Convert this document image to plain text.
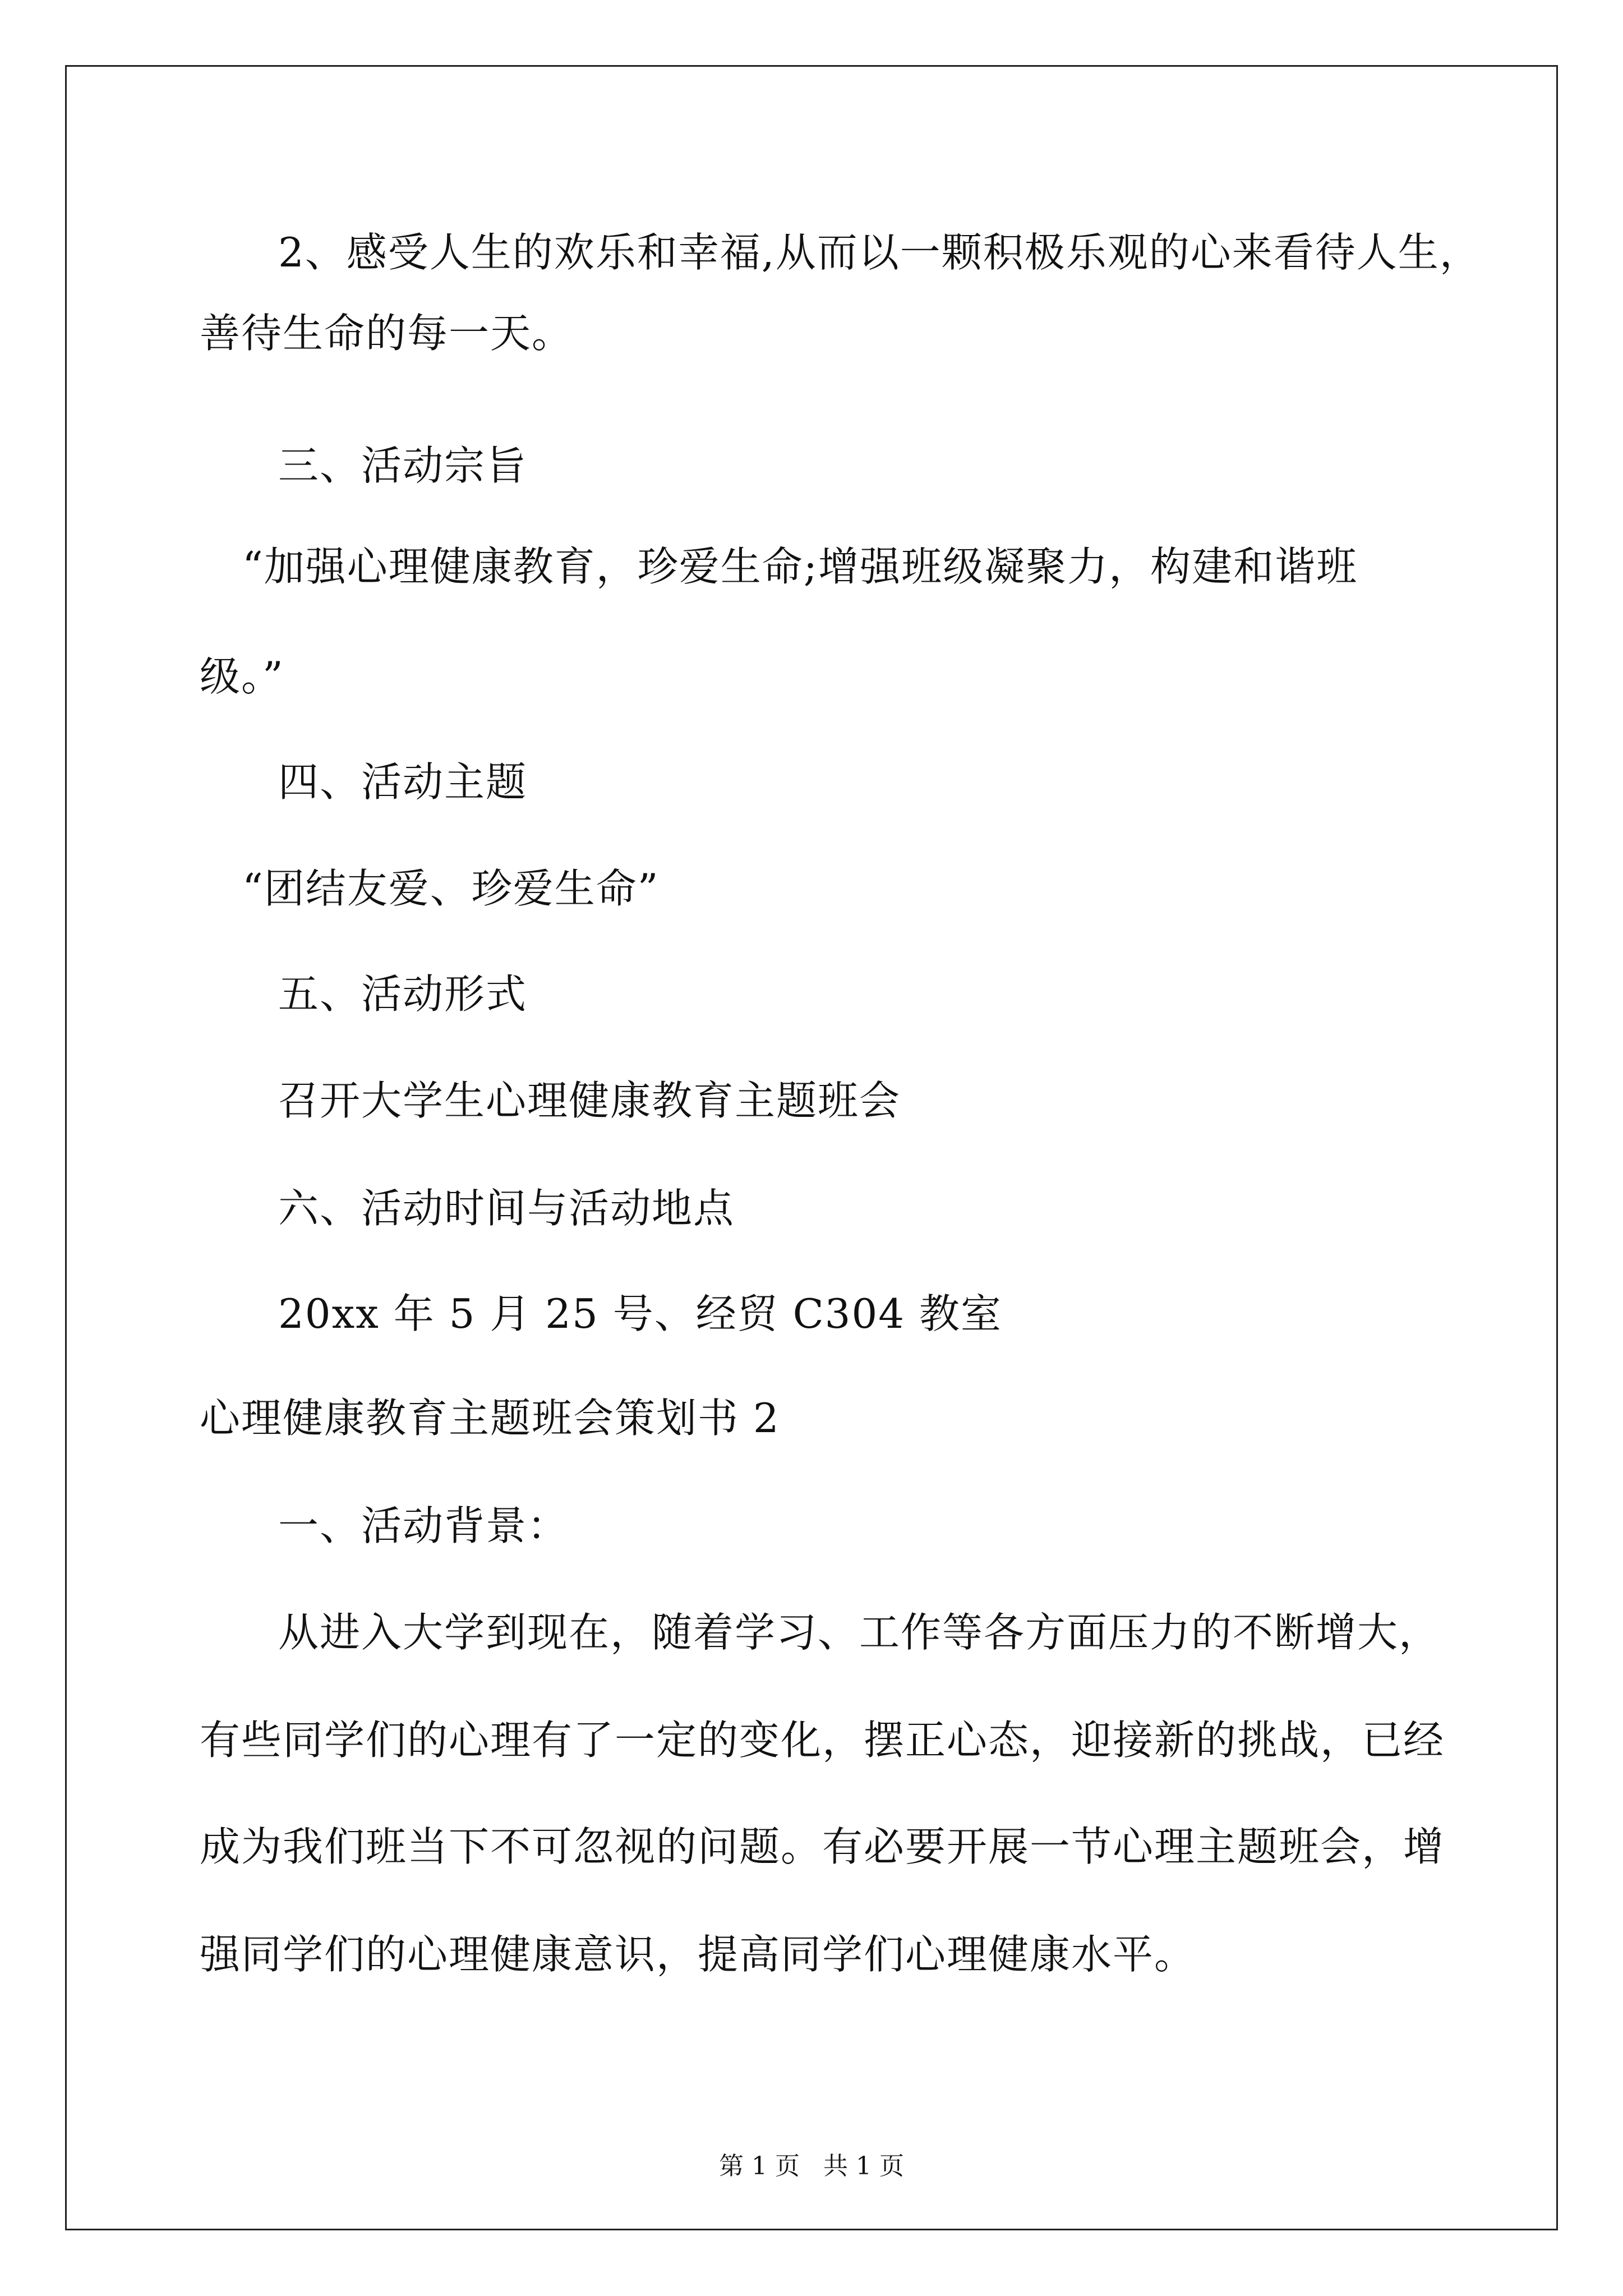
2、感受人生的欢乐和幸福,从而以一颗积极乐观的心来看待人生，
善待生命的每一天。
三、活动宗旨
“加强心理健康教育，珍爱生命;增强班级凝聚力，构建和谐班
级。”
四、活动主题
“团结友爱、珍爱生命”
五、活动形式
召开大学生心理健康教育主题班会
六、活动时间与活动地点
20xx 年 5 月 25 号、经贸 C304 教室
心理健康教育主题班会策划书 2
一、活动背景：
从进入大学到现在，随着学习、工作等各方面压力的不断增大，
有些同学们的心理有了一定的变化，摆正心态，迎接新的挑战，已经
成为我们班当下不可忽视的问题。有必要开展一节心理主题班会，增
强同学们的心理健康意识，提高同学们心理健康水平。
第 1 页   共 1 页
